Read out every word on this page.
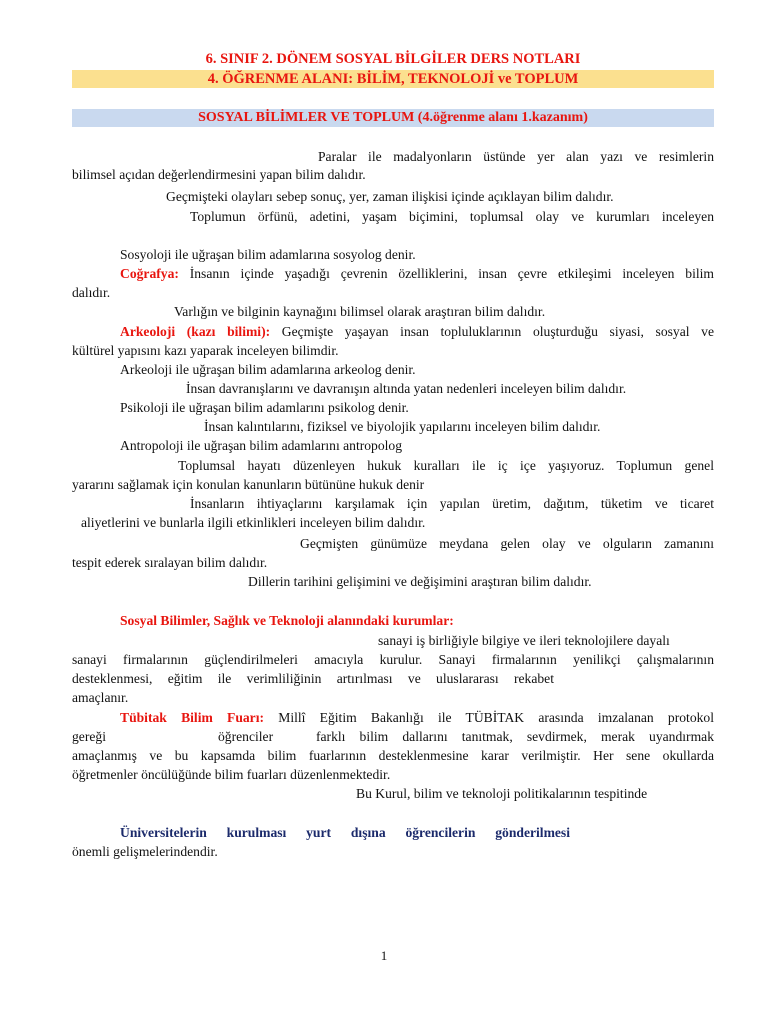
6. SINIF 2. DÖNEM SOSYAL BİLGİLER DERS NOTLARI
4. ÖĞRENME ALANI: BİLİM, TEKNOLOJİ ve TOPLUM
SOSYAL BİLİMLER VE TOPLUM (4.öğrenme alanı 1.kazanım)
Paralar ile madalyonların üstünde yer alan yazı ve resimlerin
bilimsel açıdan değerlendirmesini yapan bilim dalıdır.
Geçmişteki olayları sebep sonuç, yer, zaman ilişkisi içinde açıklayan bilim dalıdır.
Toplumun örfünü, adetini, yaşam biçimini, toplumsal olay ve kurumları inceleyen
Sosyoloji ile uğraşan bilim adamlarına sosyolog denir.
Coğrafya: İnsanın içinde yaşadığı çevrenin özelliklerini, insan çevre etkileşimi inceleyen bilim
dalıdır.
Varlığın ve bilginin kaynağını bilimsel olarak araştıran bilim dalıdır.
Arkeoloji (kazı bilimi): Geçmişte yaşayan insan topluluklarının oluşturduğu siyasi, sosyal ve
kültürel yapısını kazı yaparak inceleyen bilimdir.
Arkeoloji ile uğraşan bilim adamlarına arkeolog denir.
İnsan davranışlarını ve davranışın altında yatan nedenleri inceleyen bilim dalıdır.
Psikoloji ile uğraşan bilim adamlarını psikolog denir.
İnsan kalıntılarını, fiziksel ve biyolojik yapılarını inceleyen bilim dalıdır.
Antropoloji ile uğraşan bilim adamlarını antropolog
Toplumsal hayatı düzenleyen hukuk kuralları ile iç içe yaşıyoruz. Toplumun genel
yararını sağlamak için konulan kanunların bütününe hukuk denir
İnsanların ihtiyaçlarını karşılamak için yapılan üretim, dağıtım, tüketim ve ticaret
aliyetlerini ve bunlarla ilgili etkinlikleri inceleyen bilim dalıdır.
Geçmişten günümüze meydana gelen olay ve olguların zamanını
tespit ederek sıralayan bilim dalıdır.
Dillerin tarihini gelişimini ve değişimini araştıran bilim dalıdır.
Sosyal Bilimler, Sağlık ve Teknoloji alanındaki kurumlar:
sanayi iş birliğiyle bilgiye ve ileri teknolojilere dayalı
sanayi firmalarının güçlendirilmeleri amacıyla kurulur. Sanayi firmalarının yenilikçi çalışmalarının
desteklenmesi, eğitim ile verimliliğinin artırılması ve uluslararası rekabet
amaçlanır.
Tübitak Bilim Fuarı: Millî Eğitim Bakanlığı ile TÜBİTAK arasında imzalanan protokol
gereği	öğrenciler	farklı bilim dallarını tanıtmak, sevdirmek, merak uyandırmak
amaçlanmış ve bu kapsamda bilim fuarlarının desteklenmesine karar verilmiştir. Her sene okullarda
öğretmenler öncülüğünde bilim fuarları düzenlenmektedir.
Bu Kurul, bilim ve teknoloji politikalarının tespitinde
Üniversitelerin kurulması yurt dışına öğrencilerin gönderilmesi
önemli gelişmelerindendir.
1
